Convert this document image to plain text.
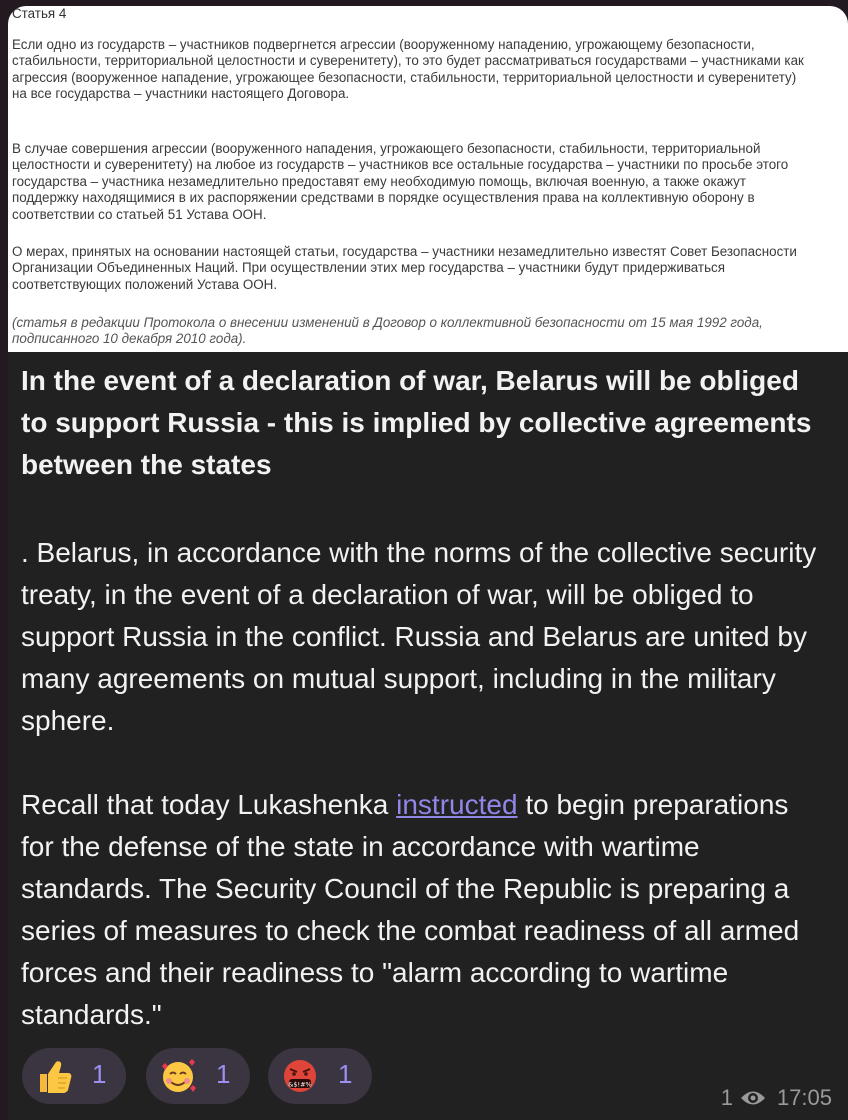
Статья 4

Если одно из государств – участников подвергнется агрессии (вооруженному нападению, угрожающему безопасности, стабильности, территориальной целостности и суверенитету), то это будет рассматриваться государствами – участниками как агрессия (вооруженное нападение, угрожающее безопасности, стабильности, территориальной целостности и суверенитету) на все государства – участники настоящего Договора.

В случае совершения агрессии (вооруженного нападения, угрожающего безопасности, стабильности, территориальной целостности и суверенитету) на любое из государств – участников все остальные государства – участники по просьбе этого государства – участника незамедлительно предоставят ему необходимую помощь, включая военную, а также окажут поддержку находящимися в их распоряжении средствами в порядке осуществления права на коллективную оборону в соответствии со статьей 51 Устава ООН.

О мерах, принятых на основании настоящей статьи, государства – участники незамедлительно известят Совет Безопасности Организации Объединенных Наций. При осуществлении этих мер государства – участники будут придерживаться соответствующих положений Устава ООН.

(статья в редакции Протокола о внесении изменений в Договор о коллективной безопасности от 15 мая 1992 года, подписанного 10 декабря 2010 года).

In the event of a declaration of war, Belarus will be obliged to support Russia - this is implied by collective agreements between the states
. Belarus, in accordance with the norms of the collective security treaty, in the event of a declaration of war, will be obliged to support Russia in the conflict. Russia and Belarus are united by many agreements on mutual support, including in the military sphere.
Recall that today Lukashenka instructed to begin preparations for the defense of the state in accordance with wartime standards. The Security Council of the Republic is preparing a series of measures to check the combat readiness of all armed forces and their readiness to "alarm according to wartime standards."
1	1	&$!#% 1
1 17:05
